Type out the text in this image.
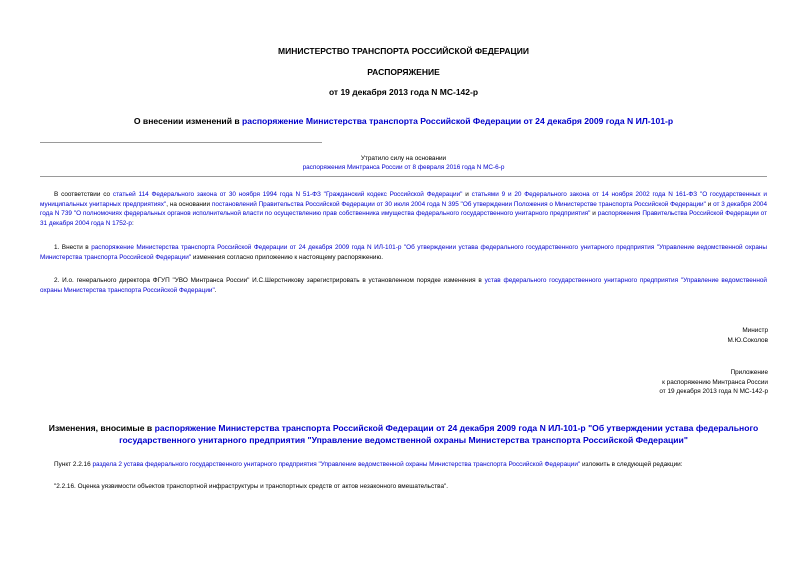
МИНИСТЕРСТВО ТРАНСПОРТА РОССИЙСКОЙ ФЕДЕРАЦИИ
РАСПОРЯЖЕНИЕ
от 19 декабря 2013 года N МС-142-р
О внесении изменений в распоряжение Министерства транспорта Российской Федерации от 24 декабря 2009 года N ИЛ-101-р
Утратило силу на основании
распоряжения Минтранса России от 8 февраля 2016 года N МС-6-р
В соответствии со статьей 114 Федерального закона от 30 ноября 1994 года N 51-ФЗ "Гражданский кодекс Российской Федерации" и статьями 9 и 20 Федерального закона от 14 ноября 2002 года N 161-ФЗ "О государственных и муниципальных унитарных предприятиях", на основании постановлений Правительства Российской Федерации от 30 июля 2004 года N 395 "Об утверждении Положения о Министерстве транспорта Российской Федерации" и от 3 декабря 2004 года N 739 "О полномочиях федеральных органов исполнительной власти по осуществлению прав собственника имущества федерального государственного унитарного предприятия" и распоряжения Правительства Российской Федерации от 31 декабря 2004 года N 1752-р:
1. Внести в распоряжение Министерства транспорта Российской Федерации от 24 декабря 2009 года N ИЛ-101-р "Об утверждении устава федерального государственного унитарного предприятия "Управление ведомственной охраны Министерства транспорта Российской Федерации" изменения согласно приложению к настоящему распоряжению.
2. И.о. генерального директора ФГУП "УВО Минтранса России" И.С.Шерстникову зарегистрировать в установленном порядке изменения в устав федерального государственного унитарного предприятия "Управление ведомственной охраны Министерства транспорта Российской Федерации".
Министр
М.Ю.Соколов
Приложение
к распоряжению Минтранса России
от 19 декабря 2013 года N МС-142-р
Изменения, вносимые в распоряжение Министерства транспорта Российской Федерации от 24 декабря 2009 года N ИЛ-101-р "Об утверждении устава федерального государственного унитарного предприятия "Управление ведомственной охраны Министерства транспорта Российской Федерации"
Пункт 2.2.16 раздела 2 устава федерального государственного унитарного предприятия "Управление ведомственной охраны Министерства транспорта Российской Федерации" изложить в следующей редакции:
"2.2.16. Оценка уязвимости объектов транспортной инфраструктуры и транспортных средств от актов незаконного вмешательства".
